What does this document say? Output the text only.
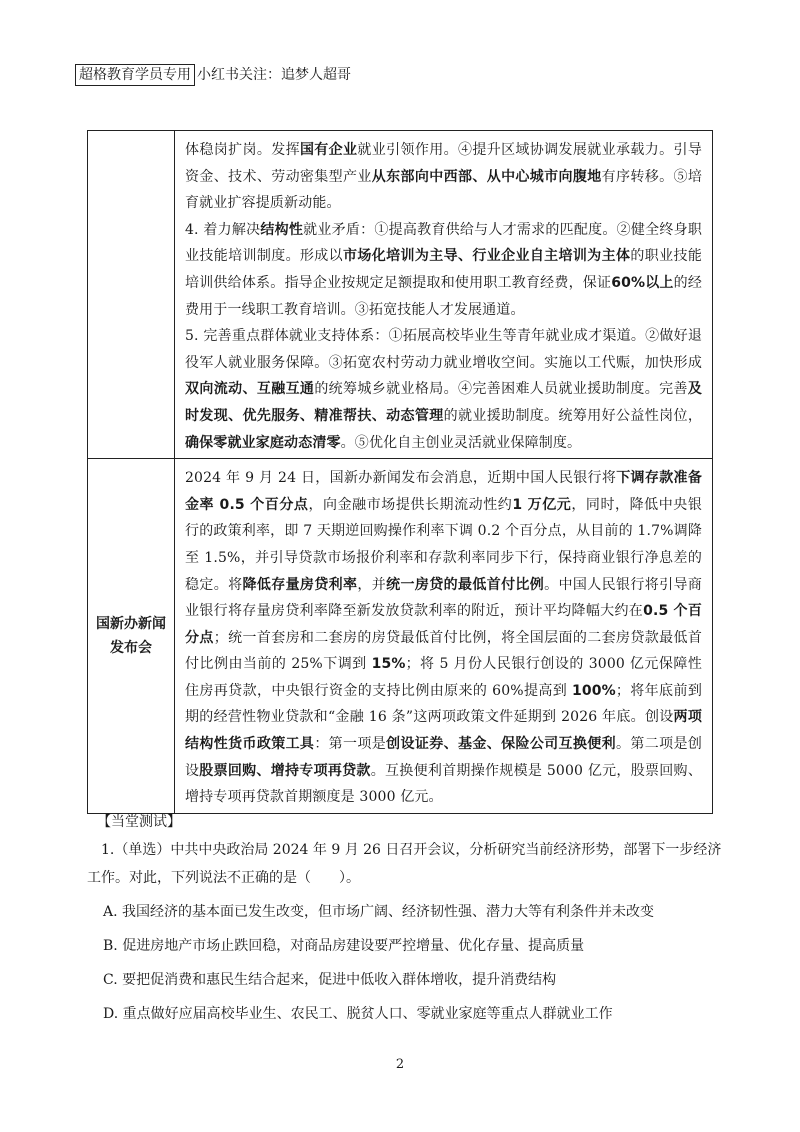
超格教育学员专用 小红书关注：追梦人超哥

	体稳岗扩岗。发挥国有企业就业引领作用。④提升区域协调发展就业承载力。引导资金、技术、劳动密集型产业从东部向中西部、从中心城市向腹地有序转移。⑤培育就业扩容提质新动能。

4. 着力解决结构性就业矛盾：①提高教育供给与人才需求的匹配度。②健全终身职业技能培训制度。形成以市场化培训为主导、行业企业自主培训为主体的职业技能培训供给体系。指导企业按规定足额提取和使用职工教育经费，保证60%以上的经费用于一线职工教育培训。③拓宽技能人才发展通道。

5. 完善重点群体就业支持体系：①拓展高校毕业生等青年就业成才渠道。②做好退役军人就业服务保障。③拓宽农村劳动力就业增收空间。实施以工代赈，加快形成双向流动、互融互通的统筹城乡就业格局。④完善困难人员就业援助制度。完善及时发现、优先服务、精准帮扶、动态管理的就业援助制度。统筹用好公益性岗位，确保零就业家庭动态清零。⑤优化自主创业灵活就业保障制度。

国新办新闻
发布会	2024 年 9 月 24 日，国新办新闻发布会消息，近期中国人民银行将下调存款准备金率 0.5 个百分点，向金融市场提供长期流动性约1 万亿元，同时，降低中央银行的政策利率，即 7 天期逆回购操作利率下调 0.2 个百分点，从目前的 1.7%调降至 1.5%，并引导贷款市场报价利率和存款利率同步下行，保持商业银行净息差的稳定。将降低存量房贷利率，并统一房贷的最低首付比例。中国人民银行将引导商业银行将存量房贷利率降至新发放贷款利率的附近，预计平均降幅大约在0.5 个百分点；统一首套房和二套房的房贷最低首付比例，将全国层面的二套房贷款最低首付比例由当前的 25%下调到 15%；将 5 月份人民银行创设的 3000 亿元保障性住房再贷款，中央银行资金的支持比例由原来的 60%提高到 100%；将年底前到期的经营性物业贷款和“金融 16 条”这两项政策文件延期到 2026 年底。创设两项结构性货币政策工具：第一项是创设证券、基金、保险公司互换便利。第二项是创设股票回购、增持专项再贷款。互换便利首期操作规模是 5000 亿元，股票回购、增持专项再贷款首期额度是 3000 亿元。

【当堂测试】

1.（单选）中共中央政治局 2024 年 9 月 26 日召开会议，分析研究当前经济形势，部署下一步经济工作。对此，下列说法不正确的是（　　）。

A. 我国经济的基本面已发生改变，但市场广阔、经济韧性强、潜力大等有利条件并未改变

B. 促进房地产市场止跌回稳，对商品房建设要严控增量、优化存量、提高质量

C. 要把促消费和惠民生结合起来，促进中低收入群体增收，提升消费结构

D. 重点做好应届高校毕业生、农民工、脱贫人口、零就业家庭等重点人群就业工作

2
